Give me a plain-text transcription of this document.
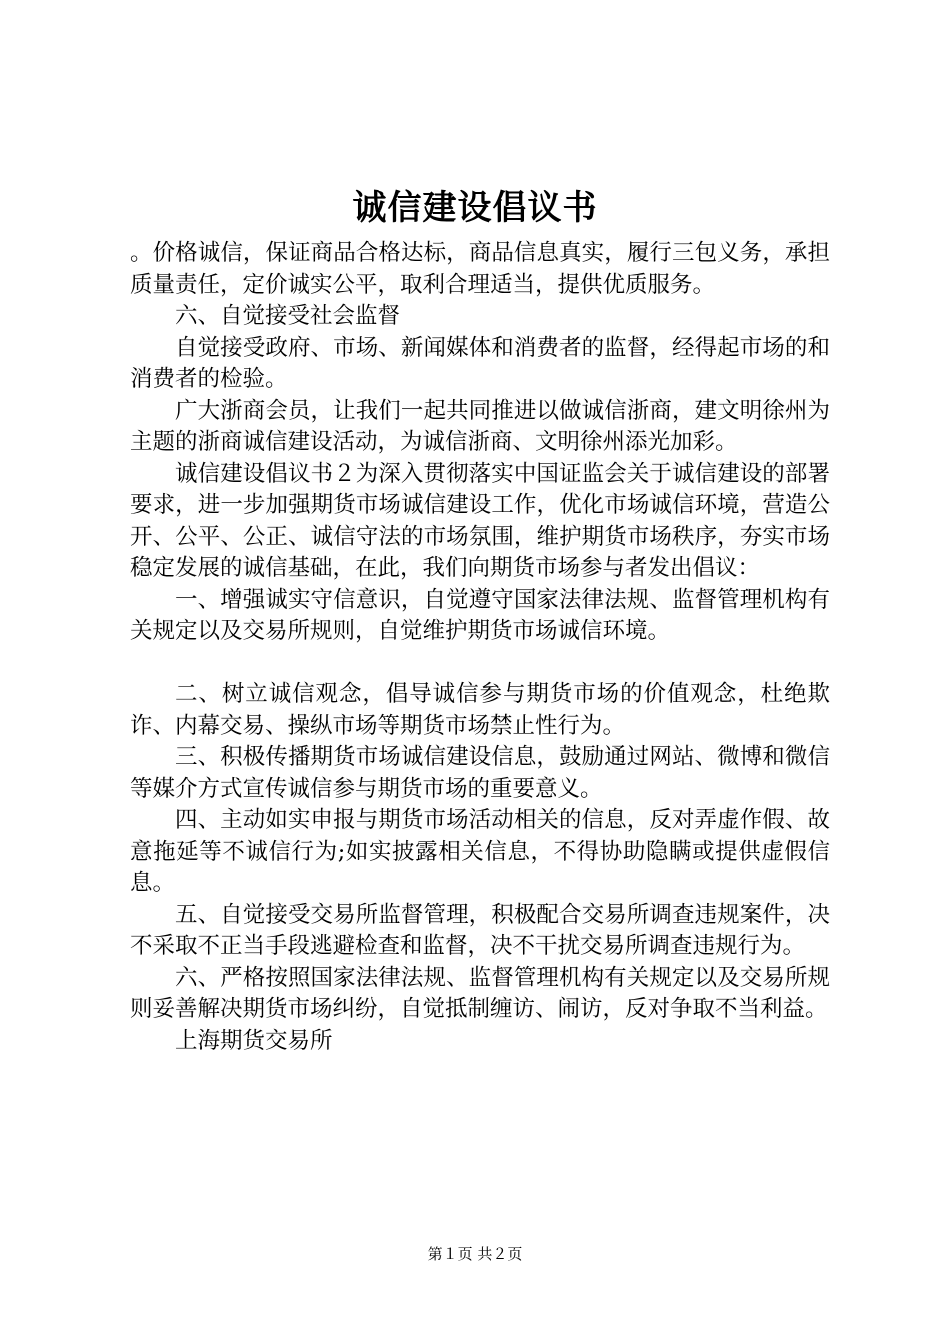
诚信建设倡议书

。价格诚信，保证商品合格达标，商品信息真实，履行三包义务，承担质量责任，定价诚实公平，取利合理适当，提供优质服务。

六、自觉接受社会监督

自觉接受政府、市场、新闻媒体和消费者的监督，经得起市场的和消费者的检验。

广大浙商会员，让我们一起共同推进以做诚信浙商，建文明徐州为主题的浙商诚信建设活动，为诚信浙商、文明徐州添光加彩。

诚信建设倡议书２为深入贯彻落实中国证监会关于诚信建设的部署要求，进一步加强期货市场诚信建设工作，优化市场诚信环境，营造公开、公平、公正、诚信守法的市场氛围，维护期货市场秩序，夯实市场稳定发展的诚信基础，在此，我们向期货市场参与者发出倡议：

一、增强诚实守信意识，自觉遵守国家法律法规、监督管理机构有关规定以及交易所规则，自觉维护期货市场诚信环境。

二、树立诚信观念，倡导诚信参与期货市场的价值观念，杜绝欺诈、内幕交易、操纵市场等期货市场禁止性行为。

三、积极传播期货市场诚信建设信息，鼓励通过网站、微博和微信等媒介方式宣传诚信参与期货市场的重要意义。

四、主动如实申报与期货市场活动相关的信息，反对弄虚作假、故意拖延等不诚信行为;如实披露相关信息，不得协助隐瞒或提供虚假信息。

五、自觉接受交易所监督管理，积极配合交易所调查违规案件，决不采取不正当手段逃避检查和监督，决不干扰交易所调查违规行为。

六、严格按照国家法律法规、监督管理机构有关规定以及交易所规则妥善解决期货市场纠纷，自觉抵制缠访、闹访，反对争取不当利益。

上海期货交易所

第１页 共２页
